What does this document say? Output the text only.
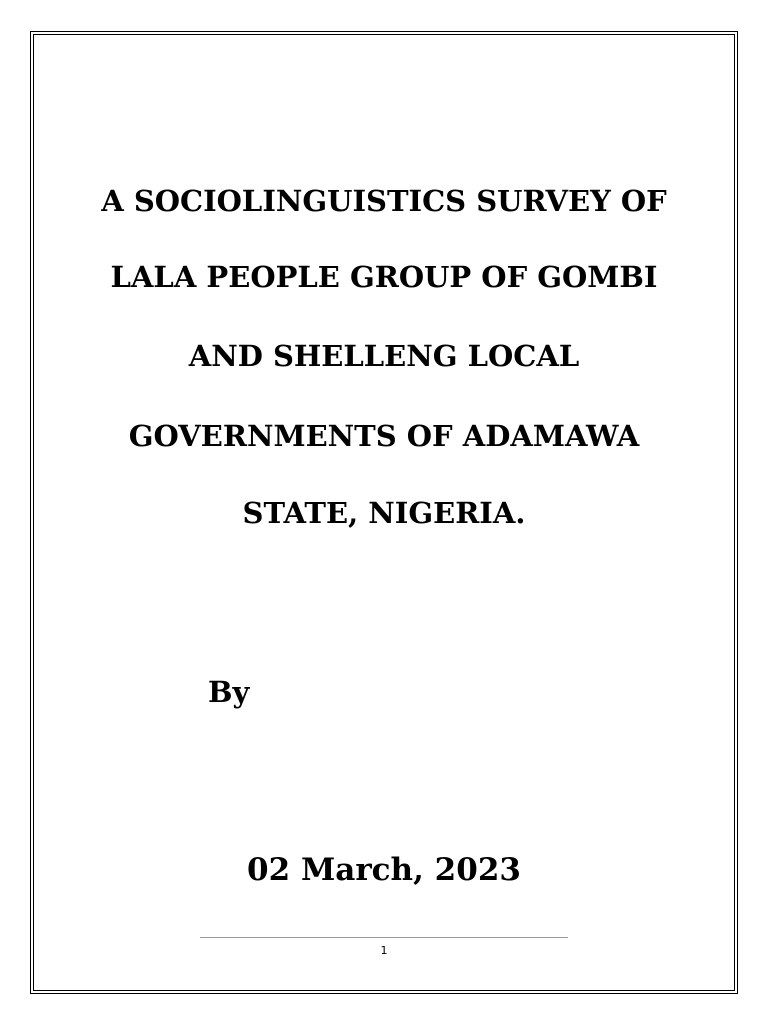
A SOCIOLINGUISTICS SURVEY OF
LALA PEOPLE GROUP OF GOMBI
AND SHELLENG LOCAL
GOVERNMENTS OF ADAMAWA
STATE, NIGERIA.
By
02 March, 2023
1
